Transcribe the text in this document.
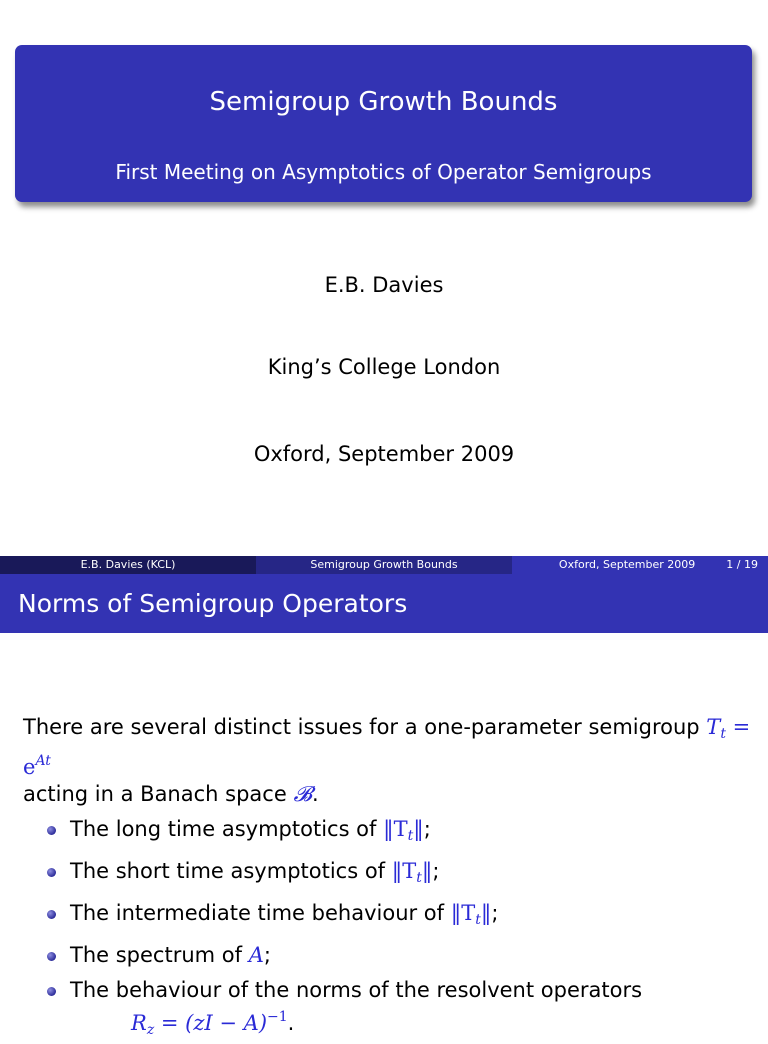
Semigroup Growth Bounds

First Meeting on Asymptotics of Operator Semigroups

E.B. Davies
King’s College London
Oxford, September 2009
E.B. Davies (KCL)	Semigroup Growth Bounds	Oxford, September 2009	1 / 19
Norms of Semigroup Operators
There are several distinct issues for a one-parameter semigroup $T_t = e^{At}$
acting in a Banach space 𝓑.
The long time asymptotics of $‖T_t‖$;
The short time asymptotics of $‖T_t‖$;
The intermediate time behaviour of $‖T_t‖$;
The spectrum of A;
The behaviour of the norms of the resolvent operators
$R_z = (zI - A)^{-1}$.
